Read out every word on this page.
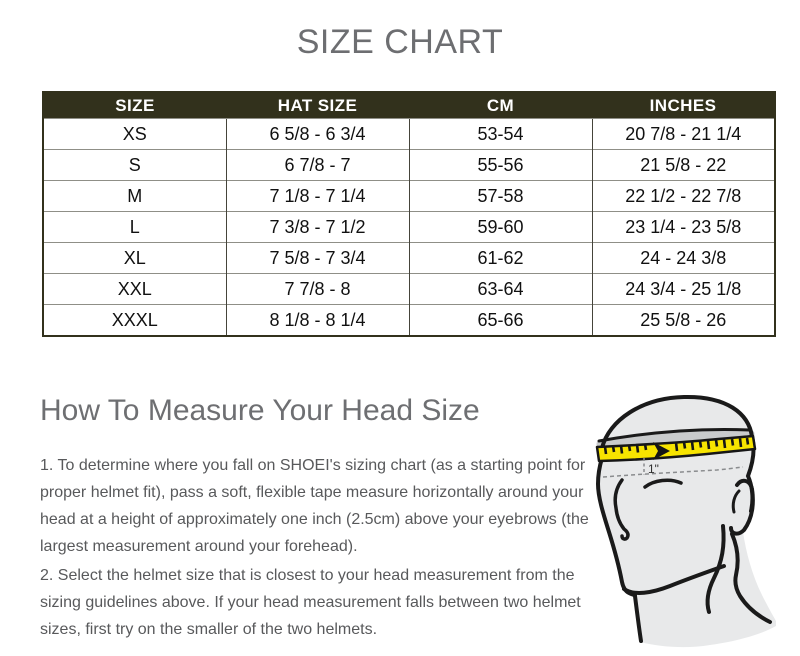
SIZE CHART
SIZE	HAT SIZE	CM	INCHES
XS	6 5/8 - 6 3/4	53-54	20 7/8 - 21 1/4
S	6 7/8 - 7	55-56	21 5/8 - 22
M	7 1/8 - 7 1/4	57-58	22 1/2 - 22 7/8
L	7 3/8 - 7 1/2	59-60	23 1/4 - 23 5/8
XL	7 5/8 - 7 3/4	61-62	24 - 24 3/8
XXL	7 7/8 - 8	63-64	24 3/4 - 25 1/8
XXXL	8 1/8 - 8 1/4	65-66	25 5/8 - 26
How To Measure Your Head Size
1. To determine where you fall on SHOEI's sizing chart (as a starting point for proper helmet fit), pass a soft, flexible tape measure horizontally around your head at a height of approximately one inch (2.5cm) above your eyebrows (the largest measurement around your forehead).
2. Select the helmet size that is closest to your head measurement from the sizing guidelines above. If your head measurement falls between two helmet sizes, first try on the smaller of the two helmets.
1"
